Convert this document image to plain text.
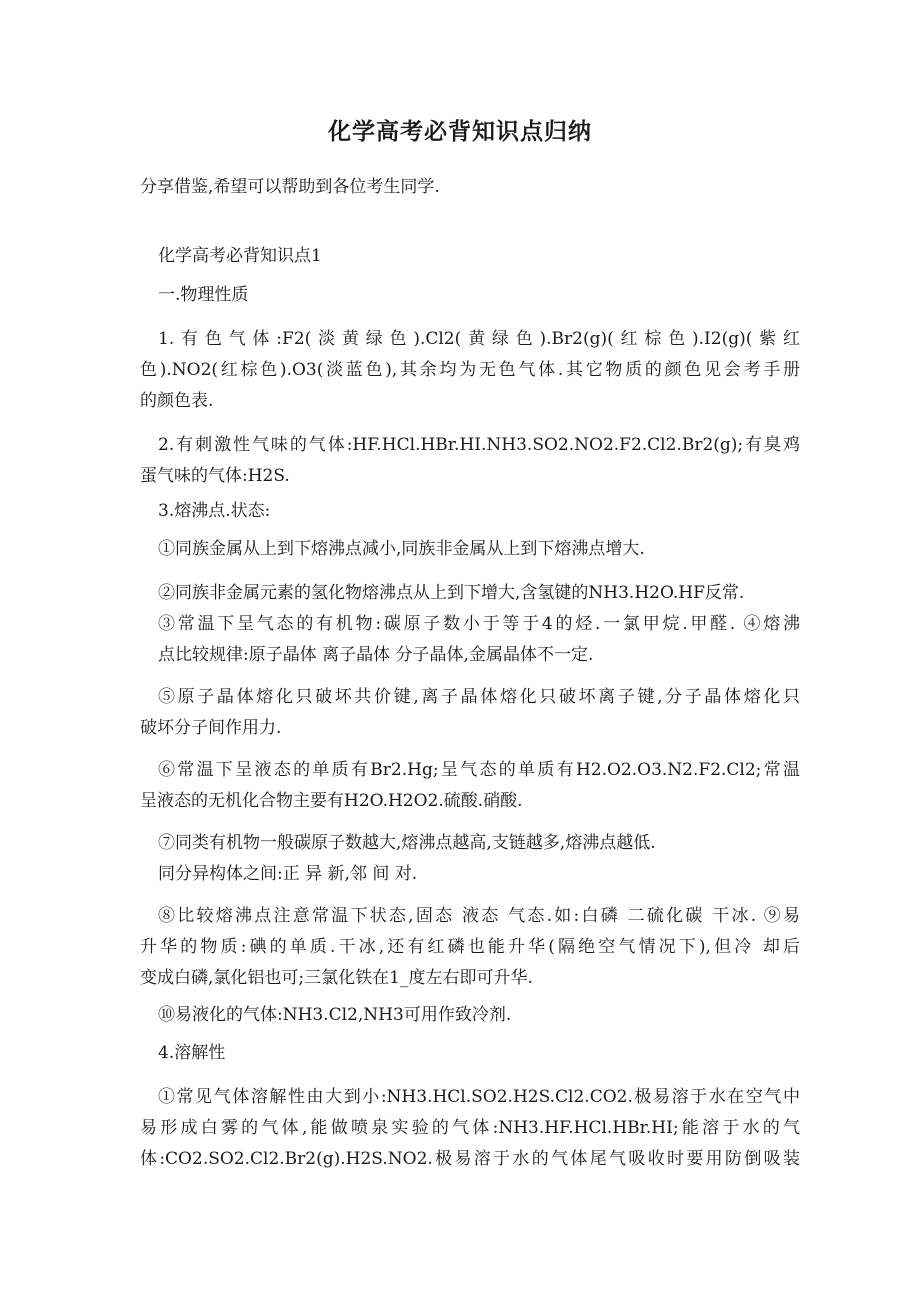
化学高考必背知识点归纳

分享借鉴,希望可以帮助到各位考生同学.

化学高考必背知识点1

一.物理性质

1.有色气体:F2(淡黄绿色).Cl2(黄绿色).Br2(g)(红棕色).I2(g)(紫红
色).NO2(红棕色).O3(淡蓝色),其余均为无色气体.其它物质的颜色见会考手册
的颜色表.
2.有刺激性气味的气体:HF.HCl.HBr.HI.NH3.SO2.NO2.F2.Cl2.Br2(g);有臭鸡
蛋气味的气体:H2S.

3.熔沸点.状态:

①同族金属从上到下熔沸点减小,同族非金属从上到下熔沸点增大.

②同族非金属元素的氢化物熔沸点从上到下增大,含氢键的NH3.H2O.HF反常.
③常温下呈气态的有机物:碳原子数小于等于4的烃.一氯甲烷.甲醛. ④熔沸
点比较规律:原子晶体 离子晶体 分子晶体,金属晶体不一定.
⑤原子晶体熔化只破坏共价键,离子晶体熔化只破坏离子键,分子晶体熔化只
破坏分子间作用力.
⑥常温下呈液态的单质有Br2.Hg;呈气态的单质有H2.O2.O3.N2.F2.Cl2;常温
呈液态的无机化合物主要有H2O.H2O2.硫酸.硝酸.
⑦同类有机物一般碳原子数越大,熔沸点越高,支链越多,熔沸点越低.
同分异构体之间:正 异 新,邻 间 对.
⑧比较熔沸点注意常温下状态,固态 液态 气态.如:白磷 二硫化碳 干冰. ⑨易
升华的物质:碘的单质.干冰,还有红磷也能升华(隔绝空气情况下),但冷 却后
变成白磷,氯化铝也可;三氯化铁在1_度左右即可升华.

⑩易液化的气体:NH3.Cl2,NH3可用作致冷剂.

4.溶解性

①常见气体溶解性由大到小:NH3.HCl.SO2.H2S.Cl2.CO2.极易溶于水在空气中
易形成白雾的气体,能做喷泉实验的气体:NH3.HF.HCl.HBr.HI;能溶于水的气
体:CO2.SO2.Cl2.Br2(g).H2S.NO2.极易溶于水的气体尾气吸收时要用防倒吸装
